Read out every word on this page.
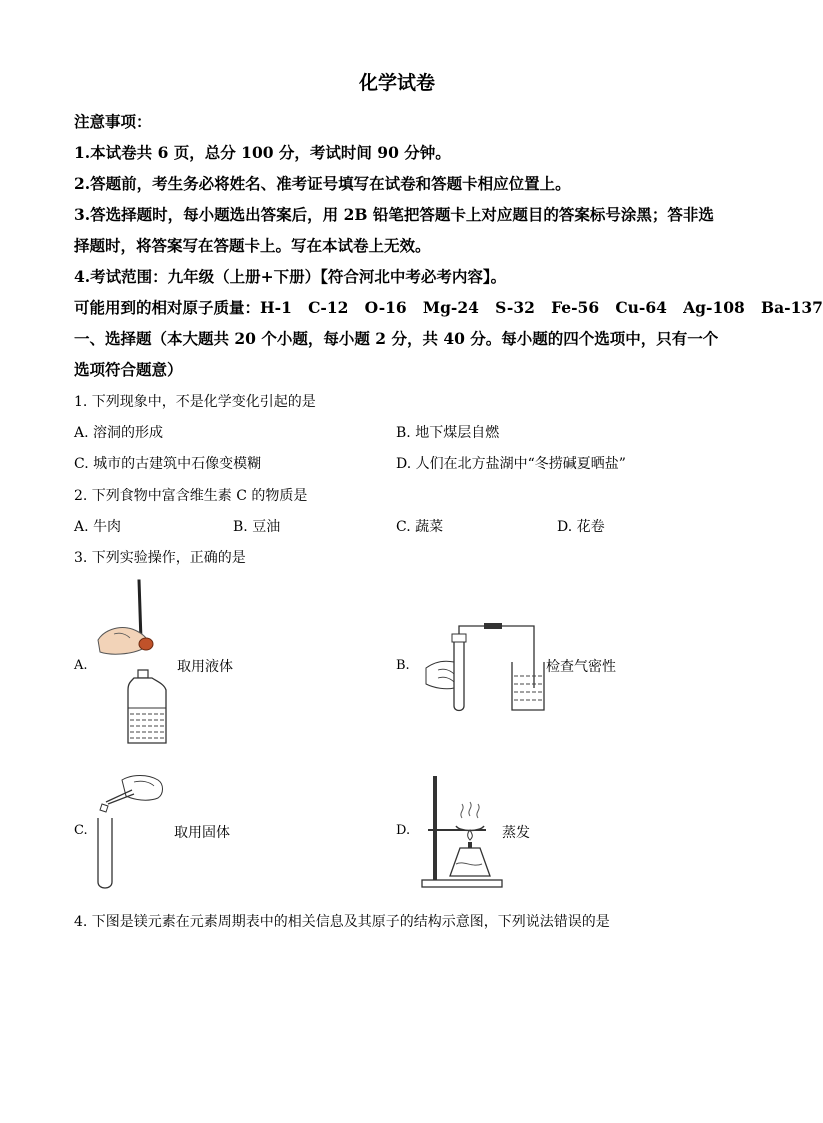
化学试卷
注意事项：
1.本试卷共 6 页，总分 100 分，考试时间 90 分钟。
2.答题前，考生务必将姓名、准考证号填写在试卷和答题卡相应位置上。
3.答选择题时，每小题选出答案后，用 2B 铅笔把答题卡上对应题目的答案标号涂黑；答非选
择题时，将答案写在答题卡上。写在本试卷上无效。
4.考试范围：九年级（上册+下册）【符合河北中考必考内容】。
可能用到的相对原子质量：H-1 C-12 O-16 Mg-24 S-32 Fe-56 Cu-64 Ag-108 Ba-137
一、选择题（本大题共 20 个小题，每小题 2 分，共 40 分。每小题的四个选项中，只有一个
选项符合题意）
1. 下列现象中，不是化学变化引起的是
A. 溶洞的形成	B. 地下煤层自燃
C. 城市的古建筑中石像变模糊	D. 人们在北方盐湖中“冬捞碱夏晒盐”
2. 下列食物中富含维生素 C 的物质是
A. 牛肉	B. 豆油	C. 蔬菜	D. 花卷
3. 下列实验操作，正确的是
A.	取用液体	B.	检查气密性
C.	取用固体	D.	蒸发
4. 下图是镁元素在元素周期表中的相关信息及其原子的结构示意图，下列说法错误的是
